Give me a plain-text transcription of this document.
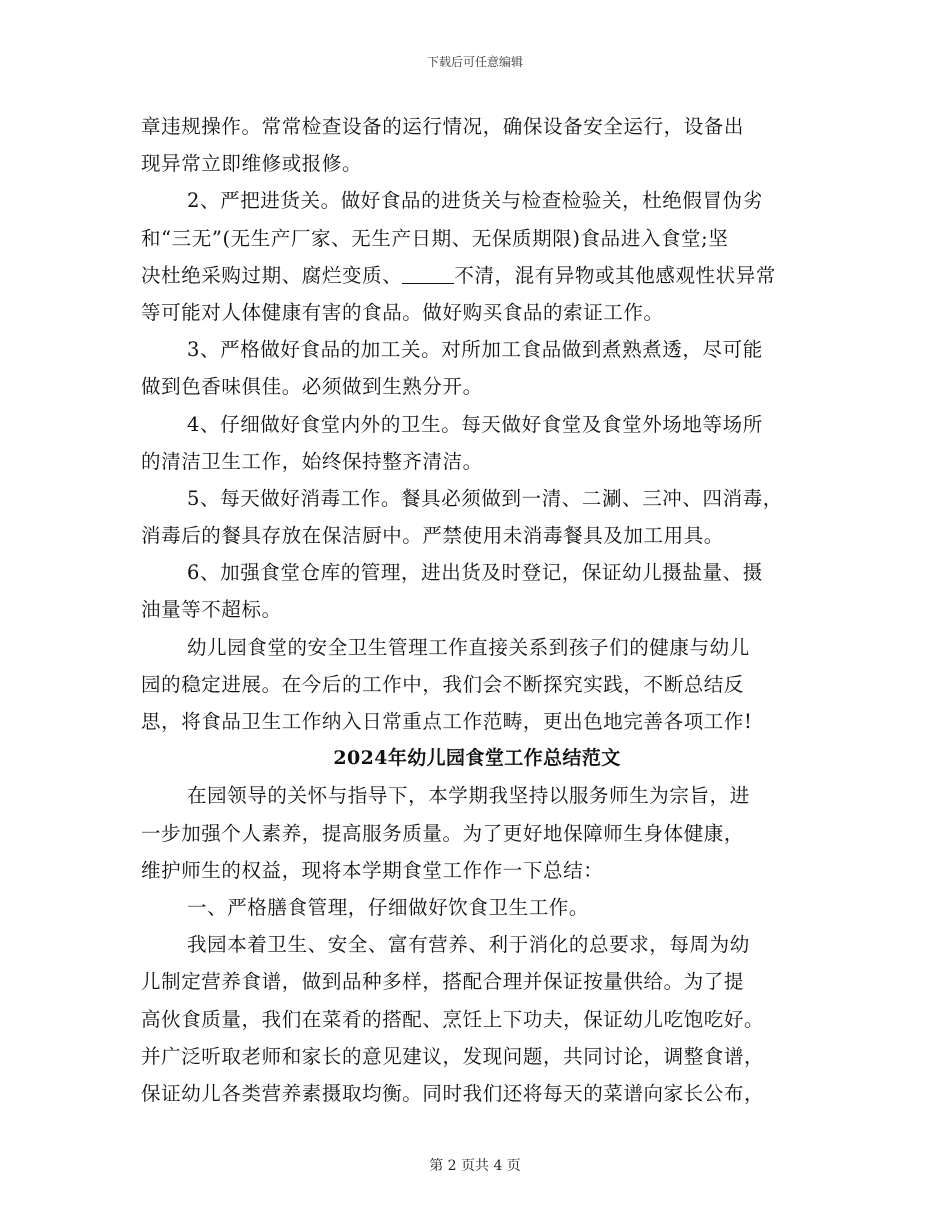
下载后可任意编辑
章违规操作。常常检查设备的运行情况，确保设备安全运行，设备出
现异常立即维修或报修。
2、严把进货关。做好食品的进货关与检查检验关，杜绝假冒伪劣
和“三无”(无生产厂家、无生产日期、无保质期限)食品进入食堂;坚
决杜绝采购过期、腐烂变质、	不清，混有异物或其他感观性状异常
等可能对人体健康有害的食品。做好购买食品的索证工作。
3、严格做好食品的加工关。对所加工食品做到煮熟煮透，尽可能
做到色香味俱佳。必须做到生熟分开。
4、仔细做好食堂内外的卫生。每天做好食堂及食堂外场地等场所
的清洁卫生工作，始终保持整齐清洁。
5、每天做好消毒工作。餐具必须做到一清、二涮、三冲、四消毒，
消毒后的餐具存放在保洁厨中。严禁使用未消毒餐具及加工用具。
6、加强食堂仓库的管理，进出货及时登记，保证幼儿摄盐量、摄
油量等不超标。
幼儿园食堂的安全卫生管理工作直接关系到孩子们的健康与幼儿
园的稳定进展。在今后的工作中，我们会不断探究实践，不断总结反
思，将食品卫生工作纳入日常重点工作范畴，更出色地完善各项工作!
2024年幼儿园食堂工作总结范文
在园领导的关怀与指导下，本学期我坚持以服务师生为宗旨，进
一步加强个人素养，提高服务质量。为了更好地保障师生身体健康，
维护师生的权益，现将本学期食堂工作作一下总结：
一、严格膳食管理，仔细做好饮食卫生工作。
我园本着卫生、安全、富有营养、利于消化的总要求，每周为幼
儿制定营养食谱，做到品种多样，搭配合理并保证按量供给。为了提
高伙食质量，我们在菜肴的搭配、烹饪上下功夫，保证幼儿吃饱吃好。
并广泛听取老师和家长的意见建议，发现问题，共同讨论，调整食谱，
保证幼儿各类营养素摄取均衡。同时我们还将每天的菜谱向家长公布，
第 2 页共 4 页
